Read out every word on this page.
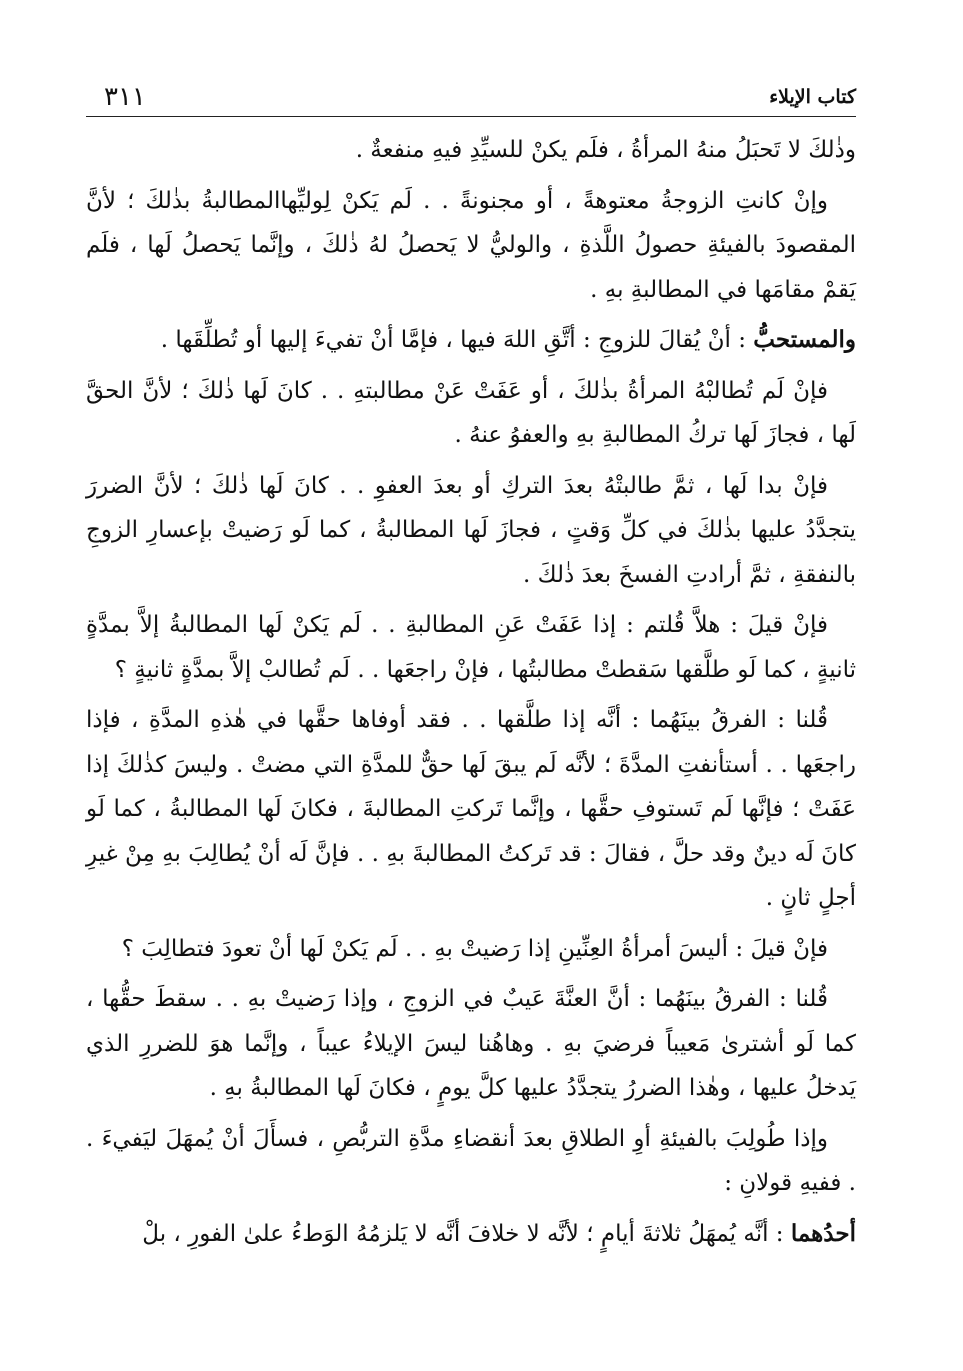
كتاب الإيلاء
٣١١

وذٰلكَ لا تَحبَلُ منهُ المرأةُ ، فلَم يكنْ للسيِّدِ فيهِ منفعةٌ .

وإنْ كانتِ الزوجةُ معتوهةً ، أو مجنونةً . . لَم يَكنْ لِوليِّهاالمطالبةُ بذٰلكَ ؛ لأنَّ المقصودَ بالفيئةِ حصولُ اللَّذةِ ، والوليُّ لا يَحصلُ لهُ ذٰلكَ ، وإنَّما يَحصلُ لَها ، فلَم يَقمْ مقامَها في المطالبةِ بهِ .

والمستحبُّ : أنْ يُقالَ للزوجِ : أتَّقِ اللهَ فيها ، فإمَّا أنْ تفيءَ إليها أو تُطلِّقَها .

فإنْ لَم تُطالبْهُ المرأةُ بذٰلكَ ، أو عَفَتْ عَنْ مطالبتهِ . . كانَ لَها ذٰلكَ ؛ لأنَّ الحقَّ لَها ، فجازَ لَها تركُ المطالبةِ بهِ والعفوُ عنهُ .

فإنْ بدا لَها ، ثمَّ طالبتْهُ بعدَ التركِ أو بعدَ العفوِ . . كانَ لَها ذٰلكَ ؛ لأنَّ الضررَ يتجدَّدُ عليها بذٰلكَ في كلِّ وَقتٍ ، فجازَ لَها المطالبةُ ، كما لَو رَضيتْ بإعسارِ الزوجِ بالنفقةِ ، ثمَّ أرادتِ الفسخَ بعدَ ذٰلكَ .

فإنْ قيلَ : هلاَّ قُلتم : إذا عَفَتْ عَنِ المطالبةِ . . لَم يَكنْ لَها المطالبةُ إلاَّ بمدَّةٍ ثانيةٍ ، كما لَو طلَّقها سَقطتْ مطالبتُها ، فإنْ راجعَها . . لَم تُطالبْ إلاَّ بمدَّةٍ ثانيةٍ ؟

قُلنا : الفرقُ بينَهُما : أنَّه إذا طلَّقها . . فقد أوفاها حقَّها في هٰذهِ المدَّةِ ، فإذا راجعَها . . أستأنفتِ المدَّةَ ؛ لأنَّه لَم يبقَ لَها حقٌّ للمدَّةِ التي مضتْ . وليسَ كذٰلكَ إذا عَفَتْ ؛ فإنَّها لَم تَستوفِ حقَّها ، وإنَّما تَركتِ المطالبةَ ، فكانَ لَها المطالبةُ ، كما لَو كانَ لَه دينٌ وقد حلَّ ، فقالَ : قد تَركتُ المطالبةَ بهِ . . فإنَّ لَه أنْ يُطالِبَ بهِ مِنْ غيرِ أجلٍ ثانٍ .

فإنْ قيلَ : أليسَ أمرأةُ العِنِّينِ إذا رَضيتْ بهِ . . لَم يَكنْ لَها أنْ تعودَ فتطالِبَ ؟

قُلنا : الفرقُ بينَهُما : أنَّ العنَّةَ عَيبٌ في الزوجِ ، وإذا رَضيتْ بهِ . . سقطَ حقُّها ، كما لَو أشترىٰ مَعيباً فرضيَ بهِ . وهاهُنا ليسَ الإيلاءُ عيباً ، وإنَّما هوَ للضررِ الذي يَدخلُ عليها ، وهٰذا الضررُ يتجدَّدُ عليها كلَّ يومٍ ، فكانَ لَها المطالبةُ بهِ .

وإذا طُولِبَ بالفيئةِ أوِ الطلاقِ بعدَ أنقضاءِ مدَّةِ التربُّصِ ، فسأَلَ أنْ يُمهَلَ ليَفيءَ . . ففيهِ قولانِ :

أحدُهما : أنَّه يُمهَلُ ثلاثةَ أيامٍ ؛ لأنَّه لا خلافَ أنَّه لا يَلزمُهُ الوَطءُ علىٰ الفورِ ، بلْ
